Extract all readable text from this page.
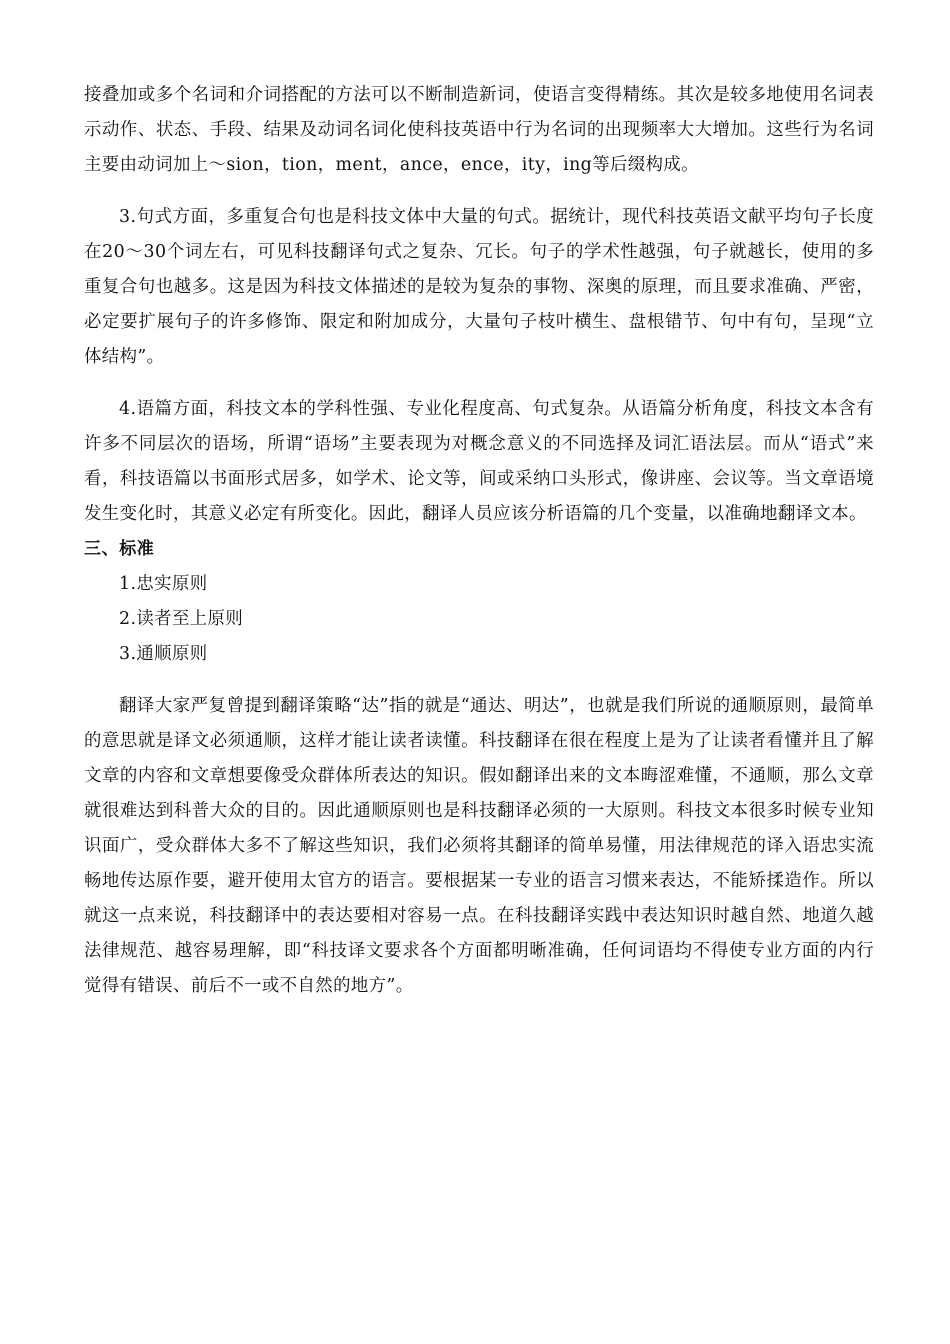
接叠加或多个名词和介词搭配的方法可以不断制造新词，使语言变得精练。其次是较多地使用名词表示动作、状态、手段、结果及动词名词化使科技英语中行为名词的出现频率大大增加。这些行为名词主要由动词加上～sion，tion，ment，ance，ence，ity，ing等后缀构成。

3.句式方面，多重复合句也是科技文体中大量的句式。据统计，现代科技英语文献平均句子长度在20～30个词左右，可见科技翻译句式之复杂、冗长。句子的学术性越强，句子就越长，使用的多重复合句也越多。这是因为科技文体描述的是较为复杂的事物、深奥的原理，而且要求准确、严密，必定要扩展句子的许多修饰、限定和附加成分，大量句子枝叶横生、盘根错节、句中有句，呈现“立体结构”。

4.语篇方面，科技文本的学科性强、专业化程度高、句式复杂。从语篇分析角度，科技文本含有许多不同层次的语场，所谓“语场”主要表现为对概念意义的不同选择及词汇语法层。而从“语式”来看，科技语篇以书面形式居多，如学术、论文等，间或采纳口头形式，像讲座、会议等。当文章语境发生变化时，其意义必定有所变化。因此，翻译人员应该分析语篇的几个变量，以准确地翻译文本。

三、标准

1.忠实原则

2.读者至上原则

3.通顺原则

翻译大家严复曾提到翻译策略“达”指的就是“通达、明达”，也就是我们所说的通顺原则，最简单的意思就是译文必须通顺，这样才能让读者读懂。科技翻译在很在程度上是为了让读者看懂并且了解文章的内容和文章想要像受众群体所表达的知识。假如翻译出来的文本晦涩难懂，不通顺，那么文章就很难达到科普大众的目的。因此通顺原则也是科技翻译必须的一大原则。科技文本很多时候专业知识面广，受众群体大多不了解这些知识，我们必须将其翻译的简单易懂，用法律规范的译入语忠实流畅地传达原作要，避开使用太官方的语言。要根据某一专业的语言习惯来表达，不能矫揉造作。所以就这一点来说，科技翻译中的表达要相对容易一点。在科技翻译实践中表达知识时越自然、地道久越法律规范、越容易理解，即“科技译文要求各个方面都明晰准确，任何词语均不得使专业方面的内行觉得有错误、前后不一或不自然的地方”。
